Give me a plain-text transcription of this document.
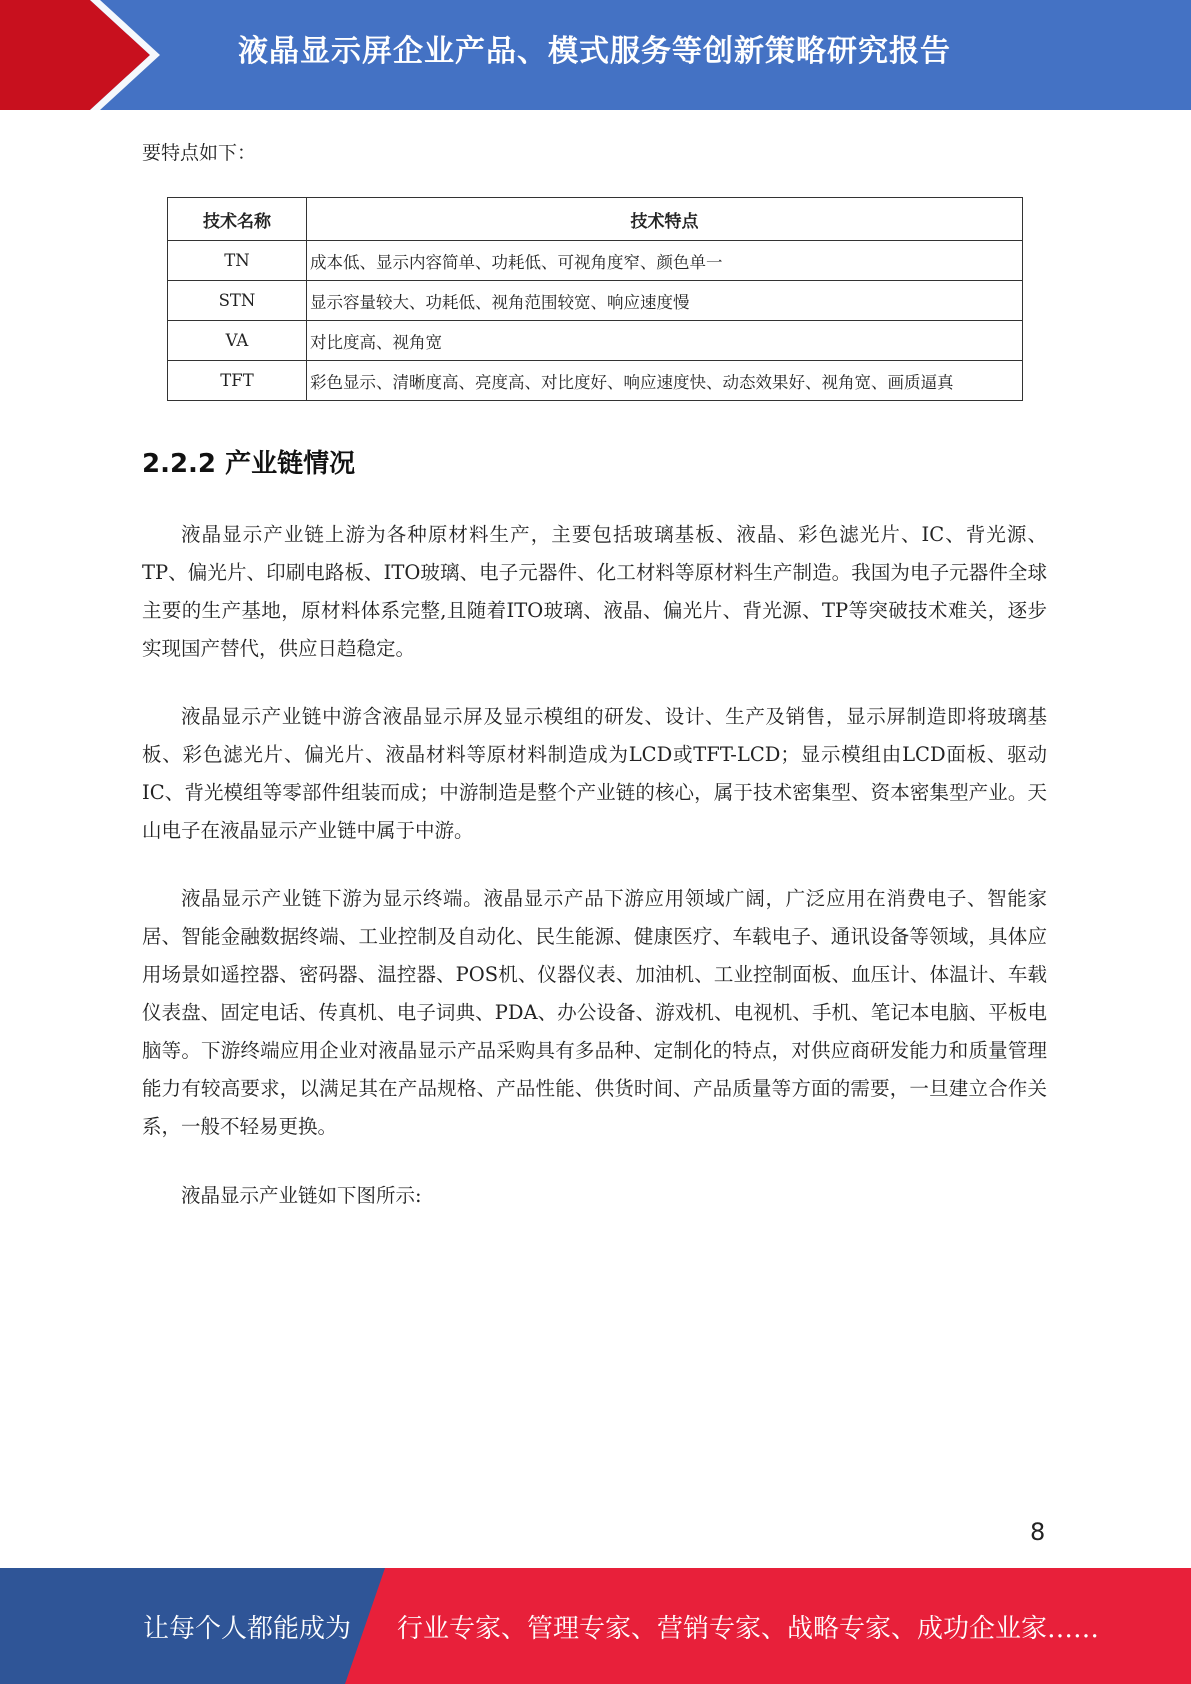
液晶显示屏企业产品、模式服务等创新策略研究报告
要特点如下：
技术名称	技术特点
TN	成本低、显示内容简单、功耗低、可视角度窄、颜色单一
STN	显示容量较大、功耗低、视角范围较宽、响应速度慢
VA	对比度高、视角宽
TFT	彩色显示、清晰度高、亮度高、对比度好、响应速度快、动态效果好、视角宽、画质逼真
2.2.2 产业链情况

液晶显示产业链上游为各种原材料生产，主要包括玻璃基板、液晶、彩色滤光片、IC、背光源、TP、偏光片、印刷电路板、ITO玻璃、电子元器件、化工材料等原材料生产制造。我国为电子元器件全球主要的生产基地，原材料体系完整,且随着ITO玻璃、液晶、偏光片、背光源、TP等突破技术难关，逐步实现国产替代，供应日趋稳定。

液晶显示产业链中游含液晶显示屏及显示模组的研发、设计、生产及销售，显示屏制造即将玻璃基板、彩色滤光片、偏光片、液晶材料等原材料制造成为LCD或TFT-LCD；显示模组由LCD面板、驱动IC、背光模组等零部件组装而成；中游制造是整个产业链的核心，属于技术密集型、资本密集型产业。天山电子在液晶显示产业链中属于中游。

液晶显示产业链下游为显示终端。液晶显示产品下游应用领域广阔，广泛应用在消费电子、智能家居、智能金融数据终端、工业控制及自动化、民生能源、健康医疗、车载电子、通讯设备等领域，具体应用场景如遥控器、密码器、温控器、POS机、仪器仪表、加油机、工业控制面板、血压计、体温计、车载仪表盘、固定电话、传真机、电子词典、PDA、办公设备、游戏机、电视机、手机、笔记本电脑、平板电脑等。下游终端应用企业对液晶显示产品采购具有多品种、定制化的特点，对供应商研发能力和质量管理能力有较高要求，以满足其在产品规格、产品性能、供货时间、产品质量等方面的需要，一旦建立合作关系，一般不轻易更换。

液晶显示产业链如下图所示:

8
让每个人都能成为 行业专家、管理专家、营销专家、战略专家、成功企业家……
